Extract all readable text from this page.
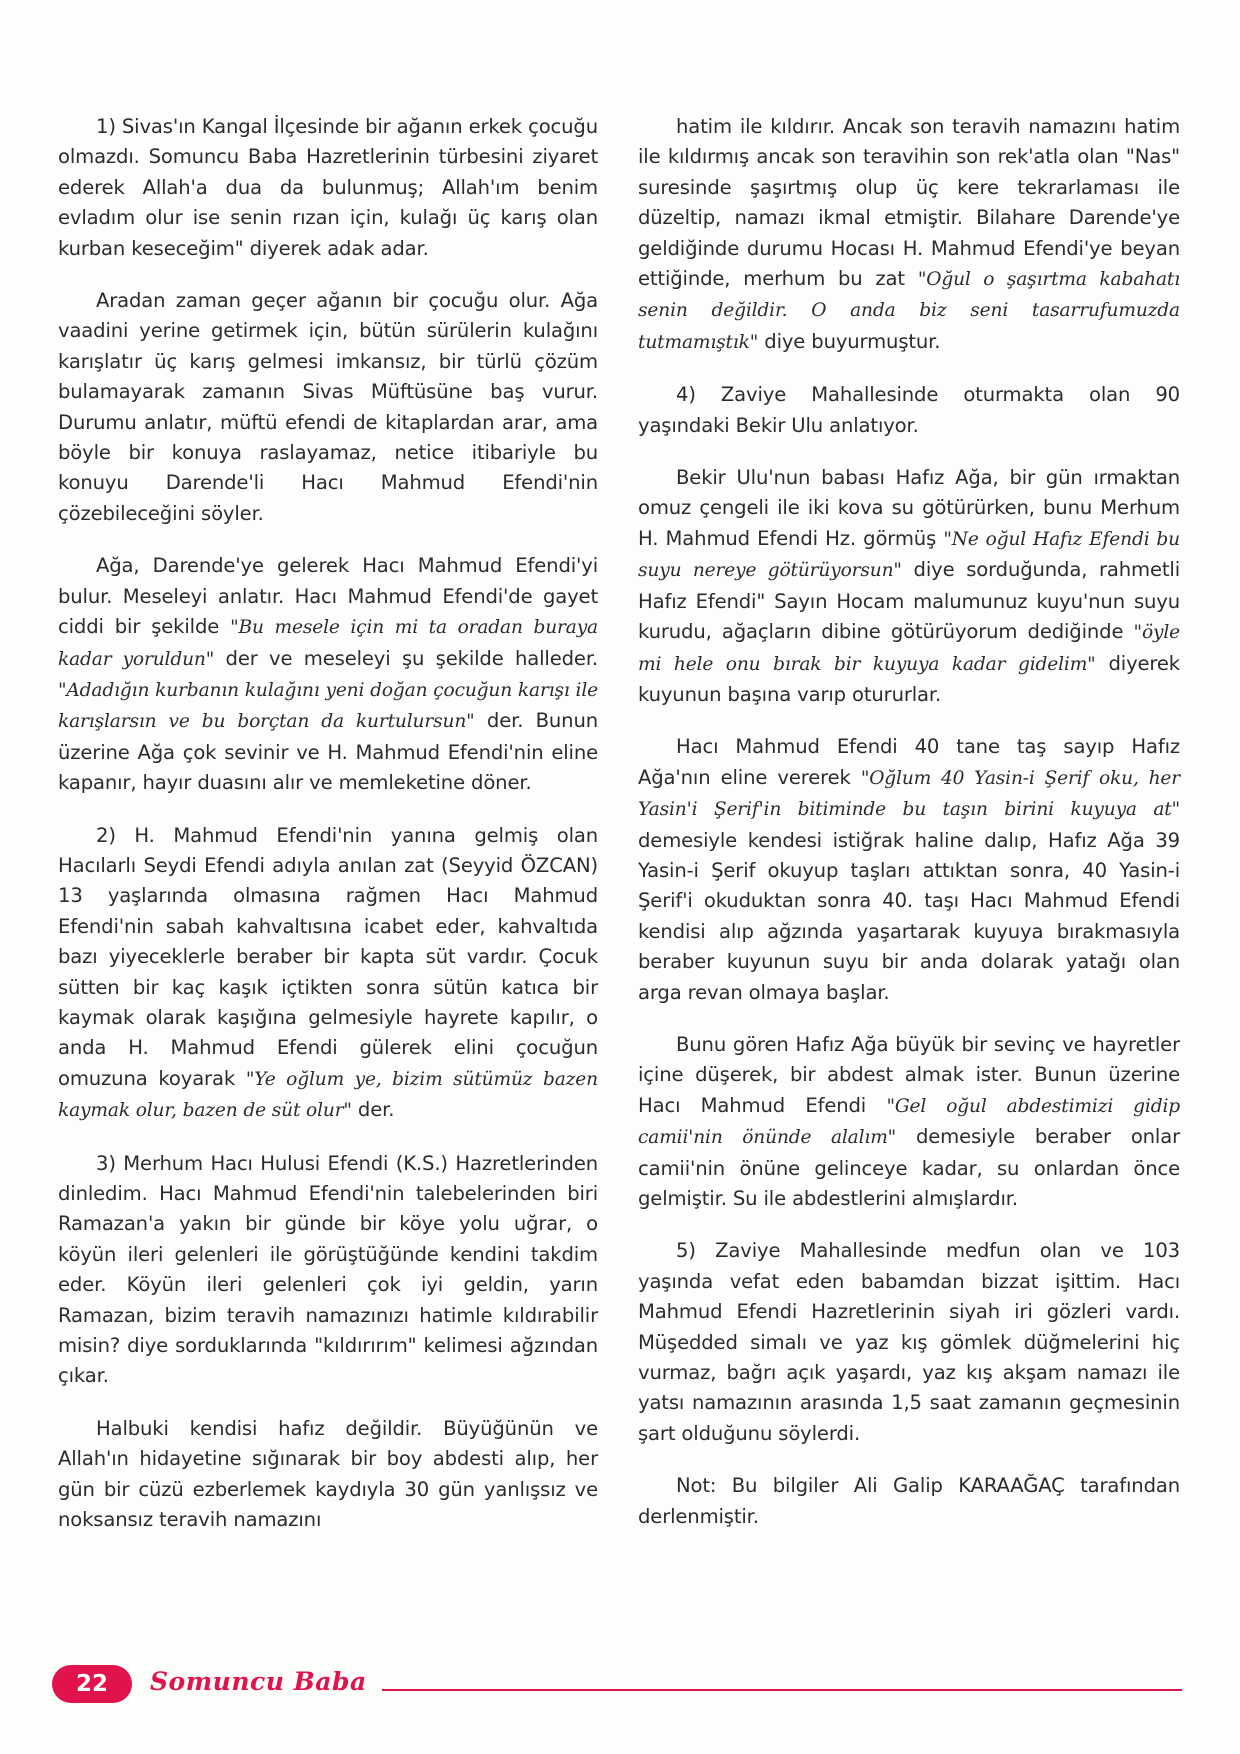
1) Sivas'ın Kangal İlçesinde bir ağanın erkek çocuğu olmazdı. Somuncu Baba Hazretlerinin türbesini ziyaret ederek Allah'a dua da bulunmuş; Allah'ım benim evladım olur ise senin rızan için, kulağı üç karış olan kurban keseceğim" diyerek adak adar.

Aradan zaman geçer ağanın bir çocuğu olur. Ağa vaadini yerine getirmek için, bütün sürülerin kulağını karışlatır üç karış gelmesi imkansız, bir türlü çözüm bulamayarak zamanın Sivas Müftüsüne baş vurur. Durumu anlatır, müftü efendi de kitaplardan arar, ama böyle bir konuya raslayamaz, netice itibariyle bu konuyu Darende'li Hacı Mahmud Efendi'nin çözebileceğini söyler.

Ağa, Darende'ye gelerek Hacı Mahmud Efendi'yi bulur. Meseleyi anlatır. Hacı Mahmud Efendi'de gayet ciddi bir şekilde "Bu mesele için mi ta oradan buraya kadar yoruldun" der ve meseleyi şu şekilde halleder. "Adadığın kurbanın kulağını yeni doğan çocuğun karışı ile karışlarsın ve bu borçtan da kurtulursun" der. Bunun üzerine Ağa çok sevinir ve H. Mahmud Efendi'nin eline kapanır, hayır duasını alır ve memleketine döner.

2) H. Mahmud Efendi'nin yanına gelmiş olan Hacılarlı Seydi Efendi adıyla anılan zat (Seyyid ÖZCAN) 13 yaşlarında olmasına rağmen Hacı Mahmud Efendi'nin sabah kahvaltısına icabet eder, kahvaltıda bazı yiyeceklerle beraber bir kapta süt vardır. Çocuk sütten bir kaç kaşık içtikten sonra sütün katıca bir kaymak olarak kaşığına gelmesiyle hayrete kapılır, o anda H. Mahmud Efendi gülerek elini çocuğun omuzuna koyarak "Ye oğlum ye, bizim sütümüz bazen kaymak olur, bazen de süt olur" der.

3) Merhum Hacı Hulusi Efendi (K.S.) Hazretlerinden dinledim. Hacı Mahmud Efendi'nin talebelerinden biri Ramazan'a yakın bir günde bir köye yolu uğrar, o köyün ileri gelenleri ile görüştüğünde kendini takdim eder. Köyün ileri gelenleri çok iyi geldin, yarın Ramazan, bizim teravih namazınızı hatimle kıldırabilir misin? diye sorduklarında "kıldırırım" kelimesi ağzından çıkar.

Halbuki kendisi hafız değildir. Büyüğünün ve Allah'ın hidayetine sığınarak bir boy abdesti alıp, her gün bir cüzü ezberlemek kaydıyla 30 gün yanlışsız ve noksansız teravih namazını

hatim ile kıldırır. Ancak son teravih namazını hatim ile kıldırmış ancak son teravihin son rek'atla olan "Nas" suresinde şaşırtmış olup üç kere tekrarlaması ile düzeltip, namazı ikmal etmiştir. Bilahare Darende'ye geldiğinde durumu Hocası H. Mahmud Efendi'ye beyan ettiğinde, merhum bu zat "Oğul o şaşırtma kabahatı senin değildir. O anda biz seni tasarrufumuzda tutmamıştık" diye buyurmuştur.

4) Zaviye Mahallesinde oturmakta olan 90 yaşındaki Bekir Ulu anlatıyor.

Bekir Ulu'nun babası Hafız Ağa, bir gün ırmaktan omuz çengeli ile iki kova su götürürken, bunu Merhum H. Mahmud Efendi Hz. görmüş "Ne oğul Hafız Efendi bu suyu nereye götürüyorsun" diye sorduğunda, rahmetli Hafız Efendi" Sayın Hocam malumunuz kuyu'nun suyu kurudu, ağaçların dibine götürüyorum dediğinde "öyle mi hele onu bırak bir kuyuya kadar gidelim" diyerek kuyunun başına varıp otururlar.

Hacı Mahmud Efendi 40 tane taş sayıp Hafız Ağa'nın eline vererek "Oğlum 40 Yasin-i Şerif oku, her Yasin'i Şerif'in bitiminde bu taşın birini kuyuya at" demesiyle kendesi istiğrak haline dalıp, Hafız Ağa 39 Yasin-i Şerif okuyup taşları attıktan sonra, 40 Yasin-i Şerif'i okuduktan sonra 40. taşı Hacı Mahmud Efendi kendisi alıp ağzında yaşartarak kuyuya bırakmasıyla beraber kuyunun suyu bir anda dolarak yatağı olan arga revan olmaya başlar.

Bunu gören Hafız Ağa büyük bir sevinç ve hayretler içine düşerek, bir abdest almak ister. Bunun üzerine Hacı Mahmud Efendi "Gel oğul abdestimizi gidip camii'nin önünde alalım" demesiyle beraber onlar camii'nin önüne gelinceye kadar, su onlardan önce gelmiştir. Su ile abdestlerini almışlardır.

5) Zaviye Mahallesinde medfun olan ve 103 yaşında vefat eden babamdan bizzat işittim. Hacı Mahmud Efendi Hazretlerinin siyah iri gözleri vardı. Müşedded simalı ve yaz kış gömlek düğmelerini hiç vurmaz, bağrı açık yaşardı, yaz kış akşam namazı ile yatsı namazının arasında 1,5 saat zamanın geçmesinin şart olduğunu söylerdi.

Not: Bu bilgiler Ali Galip KARAAĞAÇ tarafından derlenmiştir.

22	Somuncu Baba
